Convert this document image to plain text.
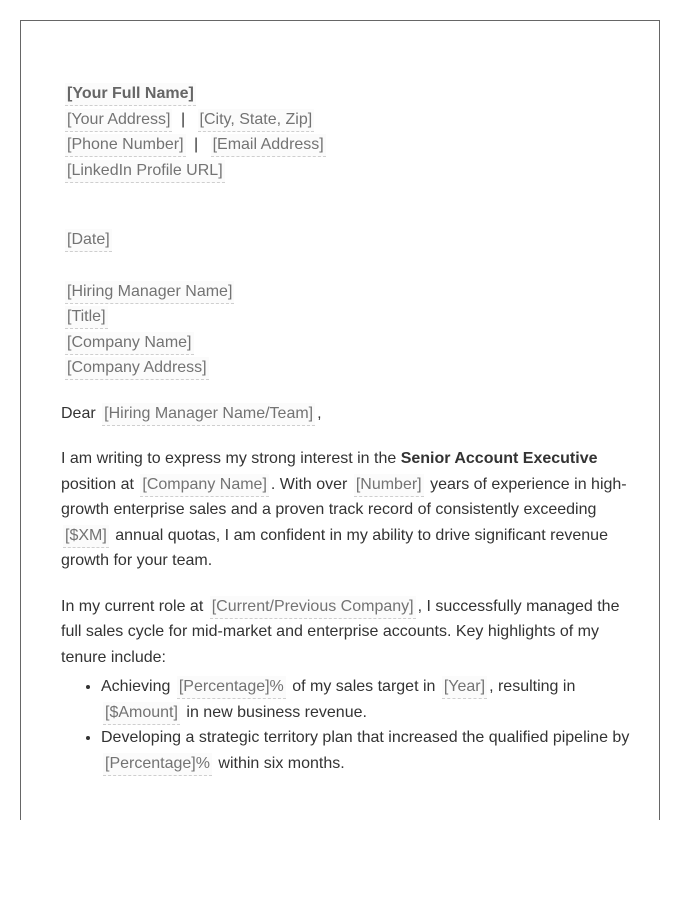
[Your Full Name]
[Your Address] | [City, State, Zip]
[Phone Number] | [Email Address]
[LinkedIn Profile URL]
[Date]
[Hiring Manager Name]
[Title]
[Company Name]
[Company Address]

Dear [Hiring Manager Name/Team] ,

I am writing to express my strong interest in the Senior Account Executive position at [Company Name] . With over [Number] years of experience in high-growth enterprise sales and a proven track record of consistently exceeding [$XM] annual quotas, I am confident in my ability to drive significant revenue growth for your team.

In my current role at [Current/Previous Company] , I successfully managed the full sales cycle for mid-market and enterprise accounts. Key highlights of my tenure include:

• Achieving [Percentage]% of my sales target in [Year] , resulting in [$Amount] in new business revenue.
• Developing a strategic territory plan that increased the qualified pipeline by [Percentage]% within six months.
